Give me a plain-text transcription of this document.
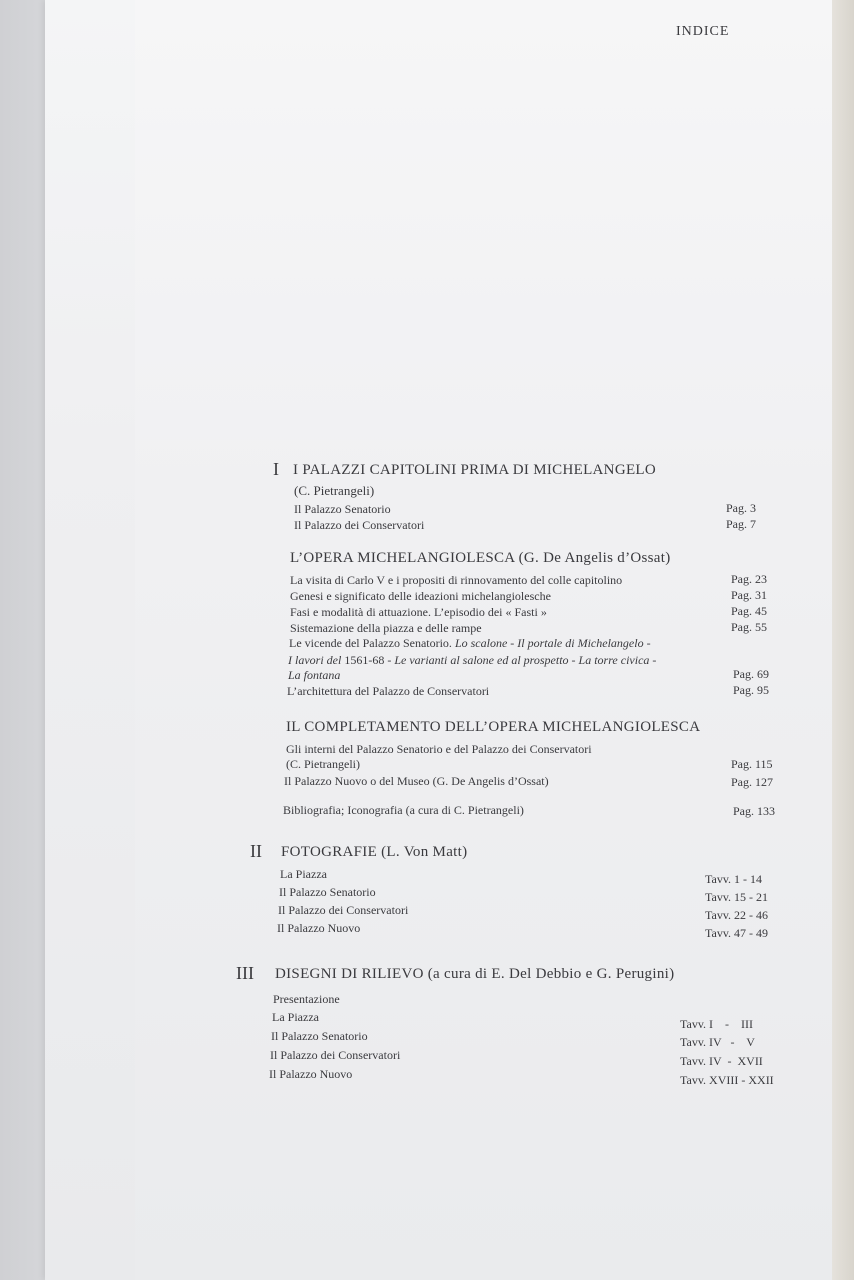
INDICE
I I PALAZZI CAPITOLINI PRIMA DI MICHELANGELO
(C. Pietrangeli)
Il Palazzo Senatorio	Pag. 3
Il Palazzo dei Conservatori	Pag. 7
L’OPERA MICHELANGIOLESCA (G. De Angelis d’Ossat)
La visita di Carlo V e i propositi di rinnovamento del colle capitolino	Pag. 23
Genesi e significato delle ideazioni michelangiolesche	Pag. 31
Fasi e modalità di attuazione. L’episodio dei « Fasti »	Pag. 45
Sistemazione della piazza e delle rampe	Pag. 55
Le vicende del Palazzo Senatorio. Lo scalone - Il portale di Michelangelo -
I lavori del 1561-68 - Le varianti al salone ed al prospetto - La torre civica -
La fontana	Pag. 69
L’architettura del Palazzo de Conservatori	Pag. 95
IL COMPLETAMENTO DELL’OPERA MICHELANGIOLESCA
Gli interni del Palazzo Senatorio e del Palazzo dei Conservatori
(C. Pietrangeli)	Pag. 115
Il Palazzo Nuovo o del Museo (G. De Angelis d’Ossat)	Pag. 127
Bibliografia; Iconografia (a cura di C. Pietrangeli)	Pag. 133
II FOTOGRAFIE (L. Von Matt)
La Piazza	Tavv. 1 - 14
Il Palazzo Senatorio	Tavv. 15 - 21
Il Palazzo dei Conservatori	Tavv. 22 - 46
Il Palazzo Nuovo	Tavv. 47 - 49
III DISEGNI DI RILIEVO (a cura di E. Del Debbio e G. Perugini)
Presentazione
La Piazza	Tavv. I    -    III
Il Palazzo Senatorio	Tavv. IV   -    V
Il Palazzo dei Conservatori	Tavv. IV  -  XVII
Il Palazzo Nuovo	Tavv. XVIII - XXII
